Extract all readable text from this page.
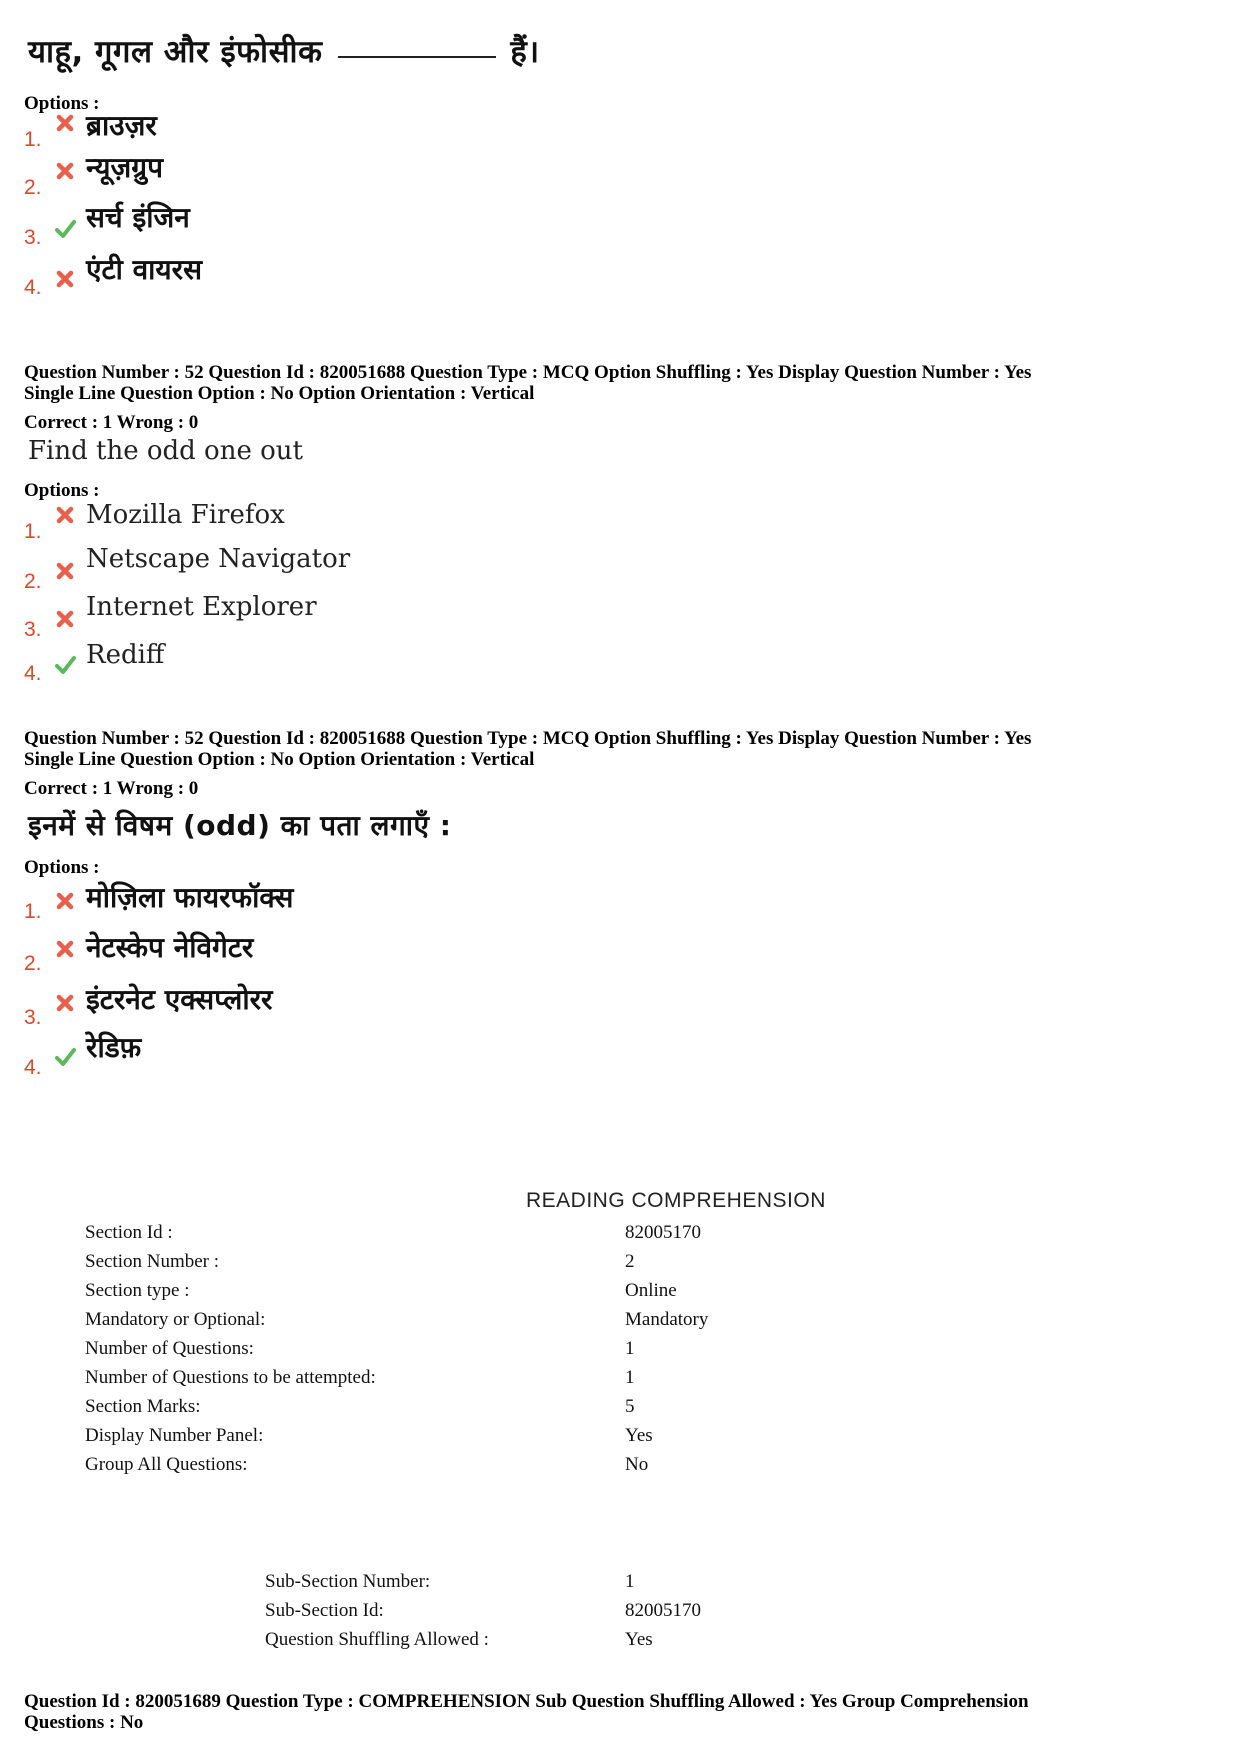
याहू, गूगल और इंफोसीक	हैं।
Options :
1. ब्राउज़र
2.
न्यूज़ग्रुप
3.
सर्च इंजिन
4.
एंटी वायरस
Question Number : 52 Question Id : 820051688 Question Type : MCQ Option Shuffling : Yes Display Question Number : Yes
Single Line Question Option : No Option Orientation : Vertical
Correct : 1 Wrong : 0
Find the odd one out
Options :
1.
Mozilla Firefox
2.
Netscape Navigator
3.
Internet Explorer
4.
Rediff
Question Number : 52 Question Id : 820051688 Question Type : MCQ Option Shuffling : Yes Display Question Number : Yes
Single Line Question Option : No Option Orientation : Vertical
Correct : 1 Wrong : 0
इनमें से विषम (odd) का पता लगाएँ :
Options :
1. मोज़िला फायरफॉक्स
2. नेटस्केप नेविगेटर
3.
इंटरनेट एक्सप्लोरर
4.
रेडिफ़
READING COMPREHENSION
Section Id :	82005170
Section Number :	2
Section type :	Online
Mandatory or Optional:	Mandatory
Number of Questions:	1
Number of Questions to be attempted:	1
Section Marks:	5
Display Number Panel:	Yes
Group All Questions:	No
Sub-Section Number:	1
Sub-Section Id:	82005170
Question Shuffling Allowed :	Yes
Question Id : 820051689 Question Type : COMPREHENSION Sub Question Shuffling Allowed : Yes Group Comprehension
Questions : No
